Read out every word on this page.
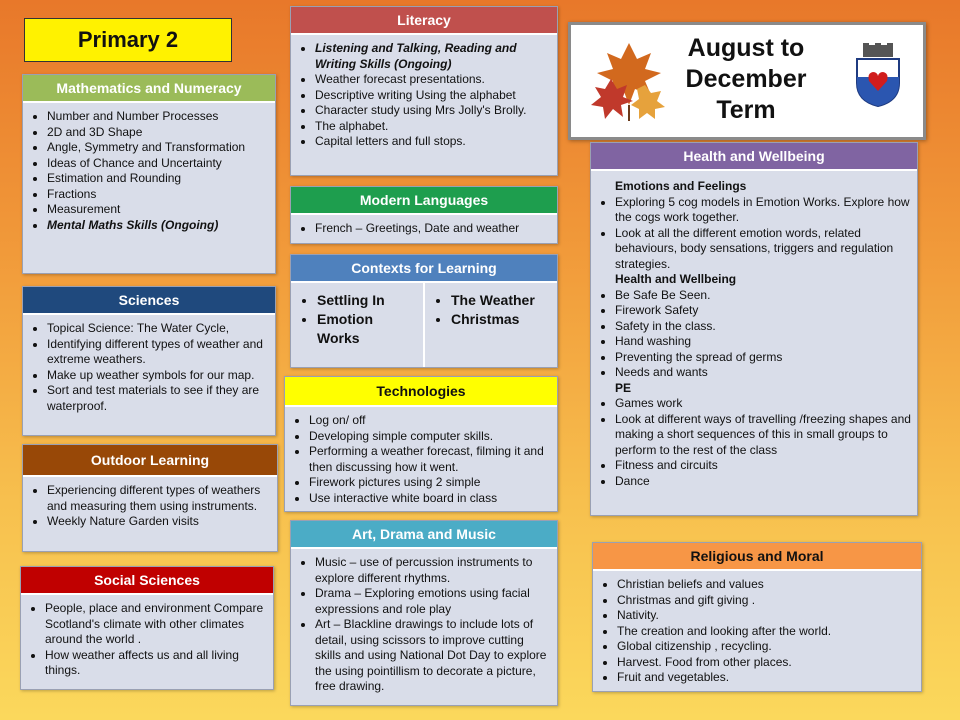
Primary 2	August to
December
Term
Mathematics and Numeracy
• Number and Number Processes
• 2D and 3D Shape
• Angle, Symmetry and Transformation
• Ideas of Chance and Uncertainty
• Estimation and Rounding
• Fractions
• Measurement
• Mental Maths Skills (Ongoing)
Sciences
• Topical Science: The Water Cycle,
• Identifying different types of weather and extreme weathers.
• Make up weather symbols for our map.
• Sort and test materials to see if they are waterproof.
Outdoor Learning
• Experiencing different types of weathers and measuring them using instruments.
• Weekly Nature Garden visits
Social Sciences
• People, place and environment Compare Scotland's climate with other climates around the world .
• How weather affects us and all living things.
Literacy
• Listening and Talking, Reading and Writing Skills (Ongoing)
• Weather forecast presentations.
• Descriptive writing Using the alphabet
• Character study using Mrs Jolly's Brolly.
• The alphabet.
• Capital letters and full stops.
Modern Languages
• French – Greetings, Date and weather
Contexts for Learning
• Settling In
• Emotion Works
• The Weather
• Christmas
Technologies
• Log on/ off
• Developing simple computer skills.
• Performing a weather forecast, filming it and then discussing how it went.
• Firework pictures using 2 simple
• Use interactive white board in class
Art, Drama and Music
• Music – use of percussion instruments to explore different rhythms.
• Drama – Exploring emotions using facial expressions and role play
• Art – Blackline drawings to include lots of detail, using scissors to improve cutting skills and using National Dot Day to explore the using pointillism to decorate a picture, free drawing.
Health and Wellbeing
Emotions and Feelings
• Exploring 5 cog models in Emotion Works. Explore how the cogs work together.
• Look at all the different emotion words, related behaviours, body sensations, triggers and regulation strategies.
Health and Wellbeing
• Be Safe Be Seen.
• Firework Safety
• Safety in the class.
• Hand washing
• Preventing the spread of germs
• Needs and wants
PE
• Games work
• Look at different ways of travelling /freezing shapes and making a short sequences of this in small groups to perform to the rest of the class
• Fitness and circuits
• Dance
Religious and Moral
• Christian beliefs and values
• Christmas and gift giving .
• Nativity.
• The creation and looking after the world.
• Global citizenship , recycling.
• Harvest. Food from other places.
• Fruit and vegetables.
